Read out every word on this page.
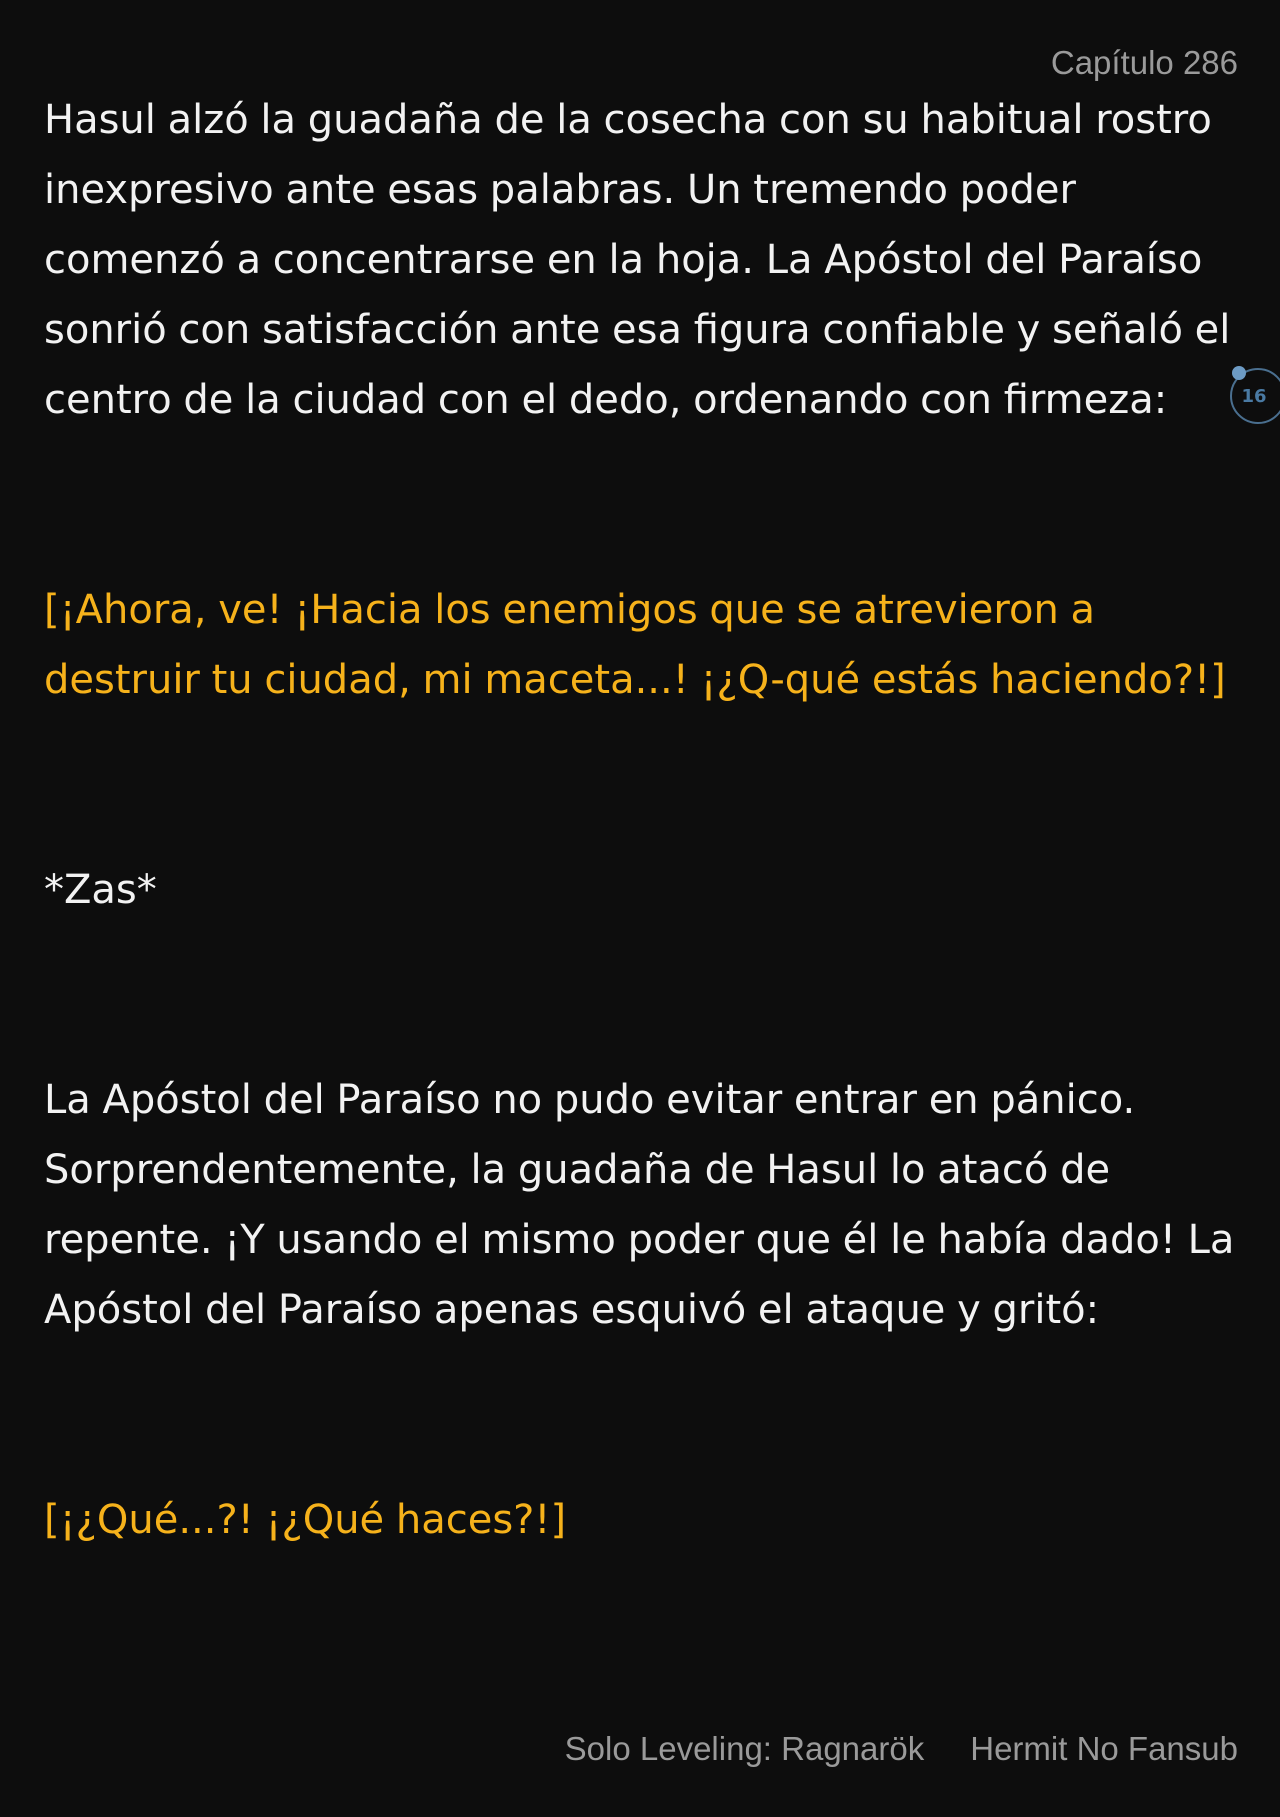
Capítulo 286

Hasul alzó la guadaña de la cosecha con su habitual rostro inexpresivo ante esas palabras. Un tremendo poder comenzó a concentrarse en la hoja. La Apóstol del Paraíso sonrió con satisfacción ante esa figura confiable y señaló el centro de la ciudad con el dedo, ordenando con firmeza:

[¡Ahora, ve! ¡Hacia los enemigos que se atrevieron a destruir tu ciudad, mi maceta...! ¡¿Q-qué estás haciendo?!]

*Zas*

La Apóstol del Paraíso no pudo evitar entrar en pánico. Sorprendentemente, la guadaña de Hasul lo atacó de repente. ¡Y usando el mismo poder que él le había dado! La Apóstol del Paraíso apenas esquivó el ataque y gritó:

[¡¿Qué...?! ¡¿Qué haces?!]

16
Solo Leveling: Ragnarök Hermit No Fansub
